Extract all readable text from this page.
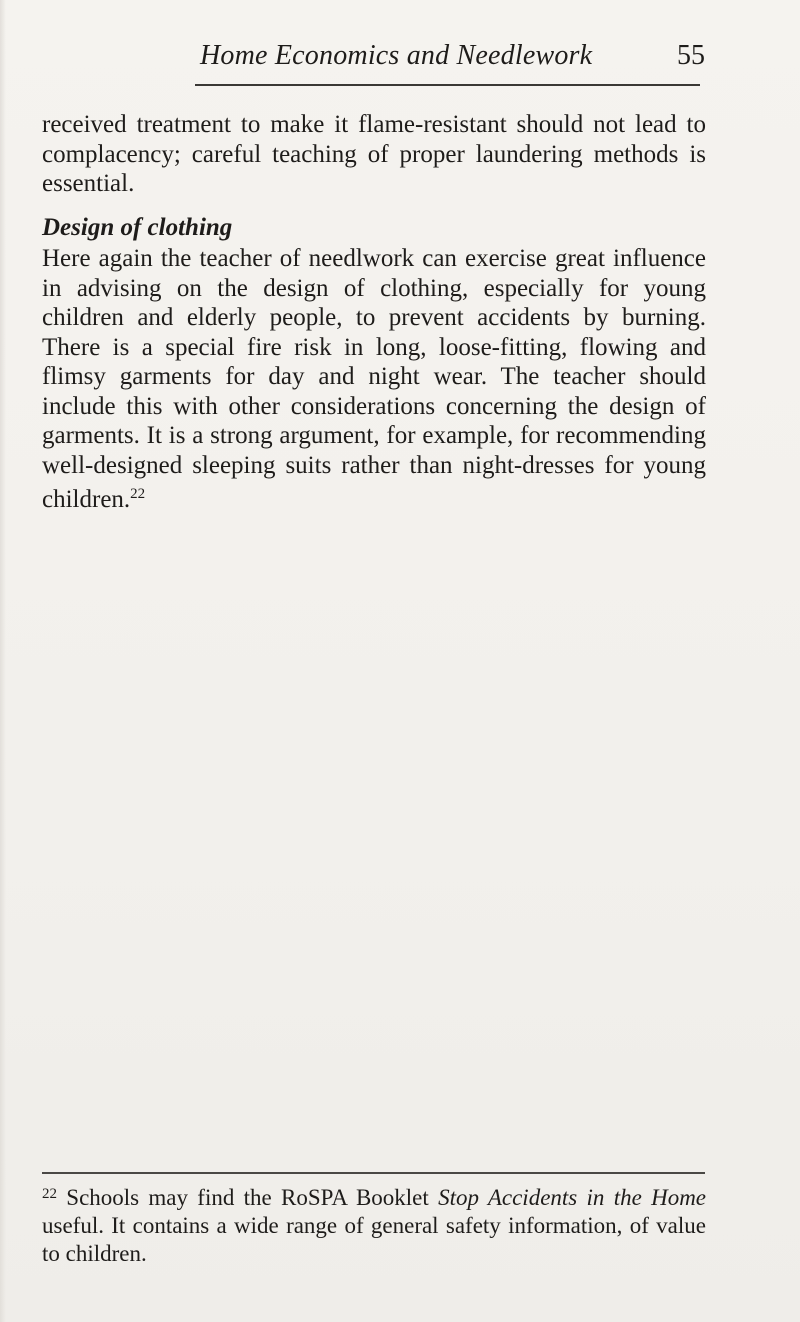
Home Economics and Needlework	55

received treatment to make it flame-resistant should not lead to complacency; careful teaching of proper laundering methods is essential.

Design of clothing

Here again the teacher of needlwork can exercise great influence in advising on the design of clothing, especially for young children and elderly people, to prevent accidents by burning. There is a special fire risk in long, loose-fitting, flowing and flimsy garments for day and night wear. The teacher should include this with other considerations concerning the design of garments. It is a strong argument, for example, for recommending well-designed sleeping suits rather than night-dresses for young children.$^{22}$

$^{22}$ Schools may find the RoSPA Booklet Stop Accidents in the Home useful. It contains a wide range of general safety information, of value to children.
